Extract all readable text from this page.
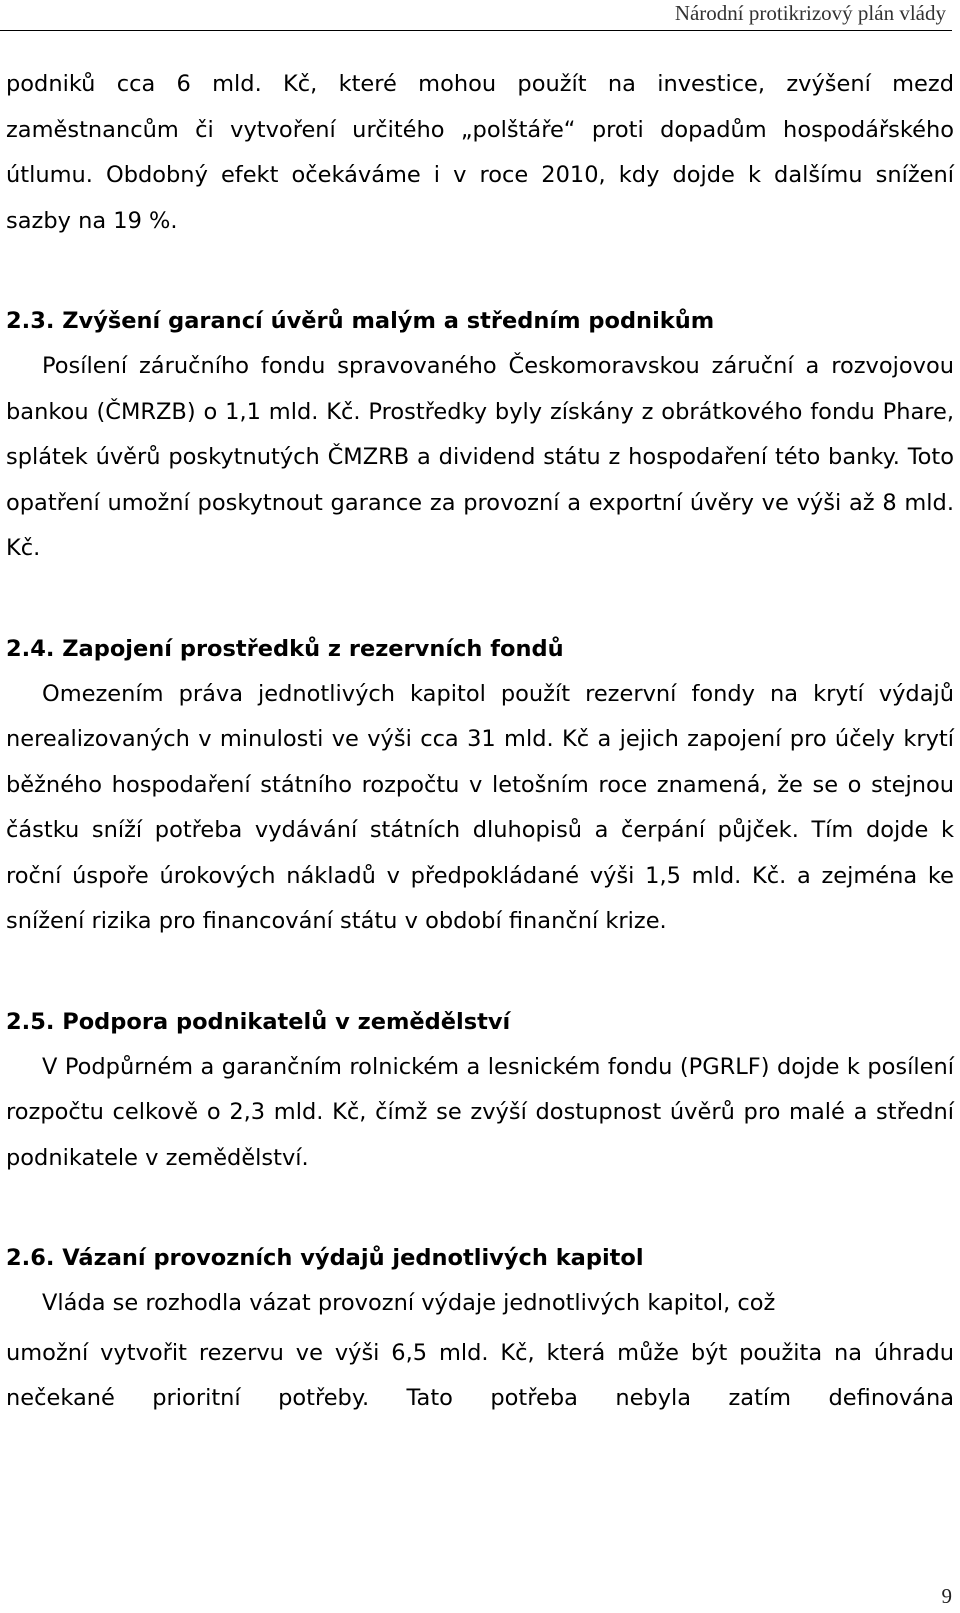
Národní protikrizový plán vlády

podniků cca 6 mld. Kč, které mohou použít na investice, zvýšení mezd zaměstnancům či vytvoření určitého „polštáře“ proti dopadům hospodářského útlumu. Obdobný efekt očekáváme i v roce 2010, kdy dojde k dalšímu snížení sazby na 19 %.

2.3. Zvýšení garancí úvěrů malým a středním podnikům

Posílení záručního fondu spravovaného Českomoravskou záruční a rozvojovou bankou (ČMRZB) o 1,1 mld. Kč. Prostředky byly získány z obrátkového fondu Phare, splátek úvěrů poskytnutých ČMZRB a dividend státu z hospodaření této banky. Toto opatření umožní poskytnout garance za provozní a exportní úvěry ve výši až 8 mld. Kč.

2.4. Zapojení prostředků z rezervních fondů

Omezením práva jednotlivých kapitol použít rezervní fondy na krytí výdajů nerealizovaných v minulosti ve výši cca 31 mld. Kč a jejich zapojení pro účely krytí běžného hospodaření státního rozpočtu v letošním roce znamená, že se o stejnou částku sníží potřeba vydávání státních dluhopisů a čerpání půjček. Tím dojde k roční úspoře úrokových nákladů v předpokládané výši 1,5 mld. Kč. a zejména ke snížení rizika pro financování státu v období finanční krize.

2.5. Podpora podnikatelů v zemědělství

V Podpůrném a garančním rolnickém a lesnickém fondu (PGRLF) dojde k posílení rozpočtu celkově o 2,3 mld. Kč, čímž se zvýší dostupnost úvěrů pro malé a střední podnikatele v zemědělství.

2.6. Vázaní provozních výdajů jednotlivých kapitol

Vláda se rozhodla vázat provozní výdaje jednotlivých kapitol, což

umožní vytvořit rezervu ve výši 6,5 mld. Kč, která může být použita na úhradu nečekané prioritní potřeby. Tato potřeba nebyla zatím definována

9
